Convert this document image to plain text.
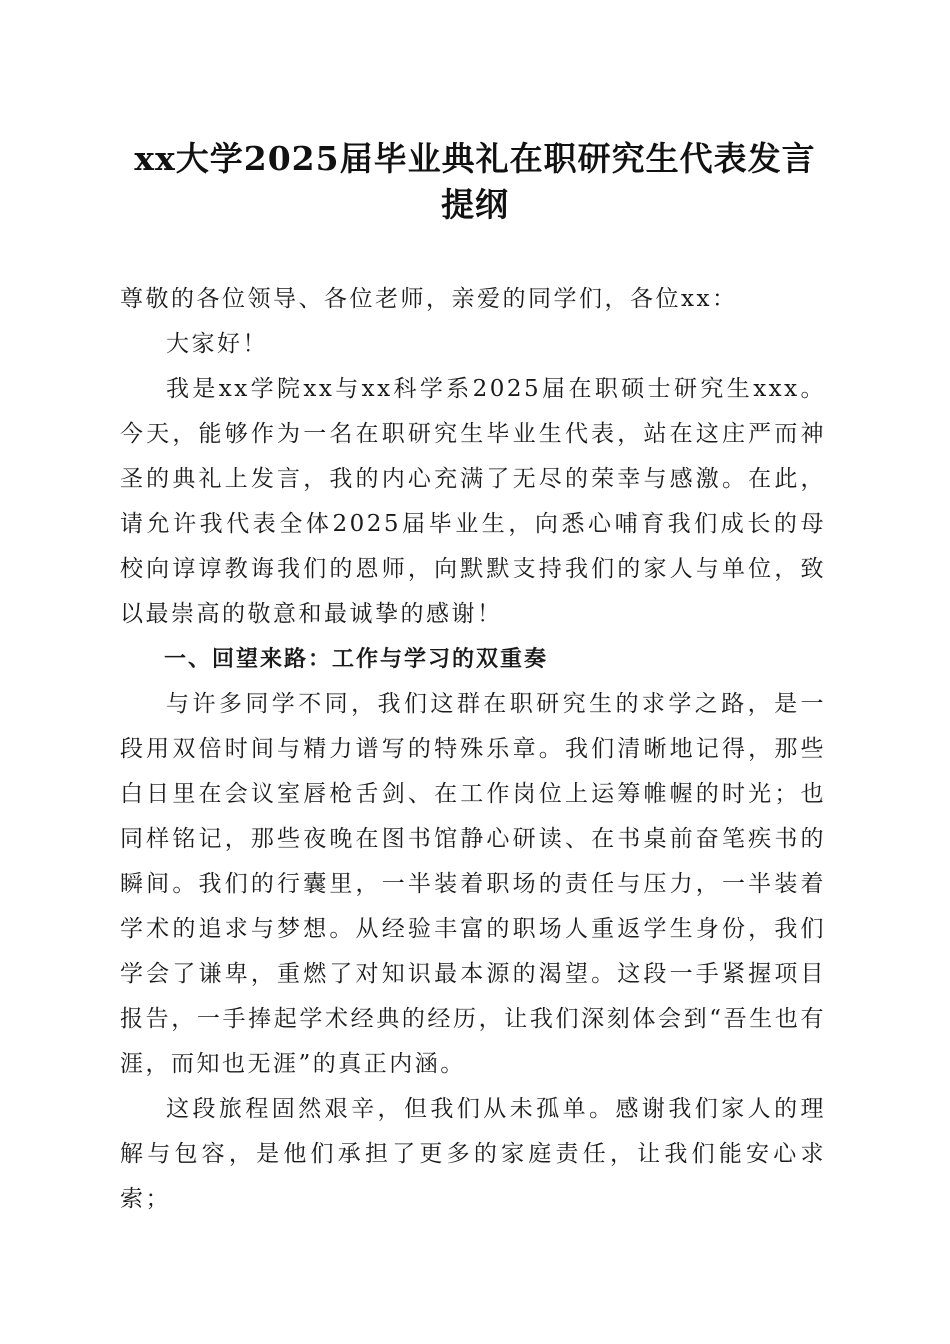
xx大学2025届毕业典礼在职研究生代表发言
提纲

尊敬的各位领导、各位老师，亲爱的同学们，各位xx：

大家好！

我是xx学院xx与xx科学系2025届在职硕士研究生xxx。今天，能够作为一名在职研究生毕业生代表，站在这庄严而神圣的典礼上发言，我的内心充满了无尽的荣幸与感激。在此，请允许我代表全体2025届毕业生，向悉心哺育我们成长的母校向谆谆教诲我们的恩师，向默默支持我们的家人与单位，致以最崇高的敬意和最诚挚的感谢！

一、回望来路：工作与学习的双重奏

与许多同学不同，我们这群在职研究生的求学之路，是一段用双倍时间与精力谱写的特殊乐章。我们清晰地记得，那些白日里在会议室唇枪舌剑、在工作岗位上运筹帷幄的时光；也同样铭记，那些夜晚在图书馆静心研读、在书桌前奋笔疾书的瞬间。我们的行囊里，一半装着职场的责任与压力，一半装着学术的追求与梦想。从经验丰富的职场人重返学生身份，我们学会了谦卑，重燃了对知识最本源的渴望。这段一手紧握项目报告，一手捧起学术经典的经历，让我们深刻体会到“吾生也有涯，而知也无涯”的真正内涵。

这段旅程固然艰辛，但我们从未孤单。感谢我们家人的理解与包容，是他们承担了更多的家庭责任，让我们能安心求索；
